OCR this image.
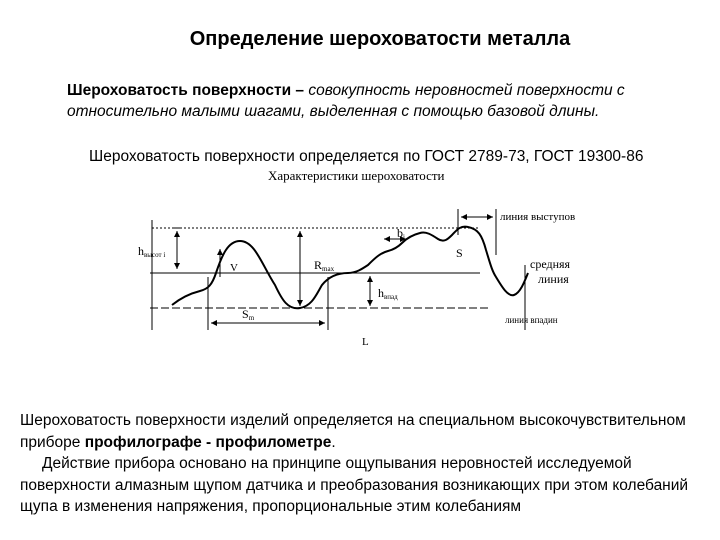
Определение шероховатости металла
Шероховатость поверхности – совокупность неровностей поверхности с относительно малыми шагами, выделенная с помощью базовой длины.
Шероховатость поверхности определяется по ГОСТ 2789-73, ГОСТ 19300-86
Характеристики шероховатости
hвысот i
V	Rmax
hвпад
bi
S
Sm
L
линия выступов
средняя
линия
линия впадин
Шероховатость поверхности изделий определяется на специальном высокочувствительном приборе профилографе - профилометре.
Действие прибора основано на принципе ощупывания неровностей исследуемой поверхности алмазным щупом датчика и преобразования возникающих при этом колебаний щупа в изменения напряжения, пропорциональные этим колебаниям
